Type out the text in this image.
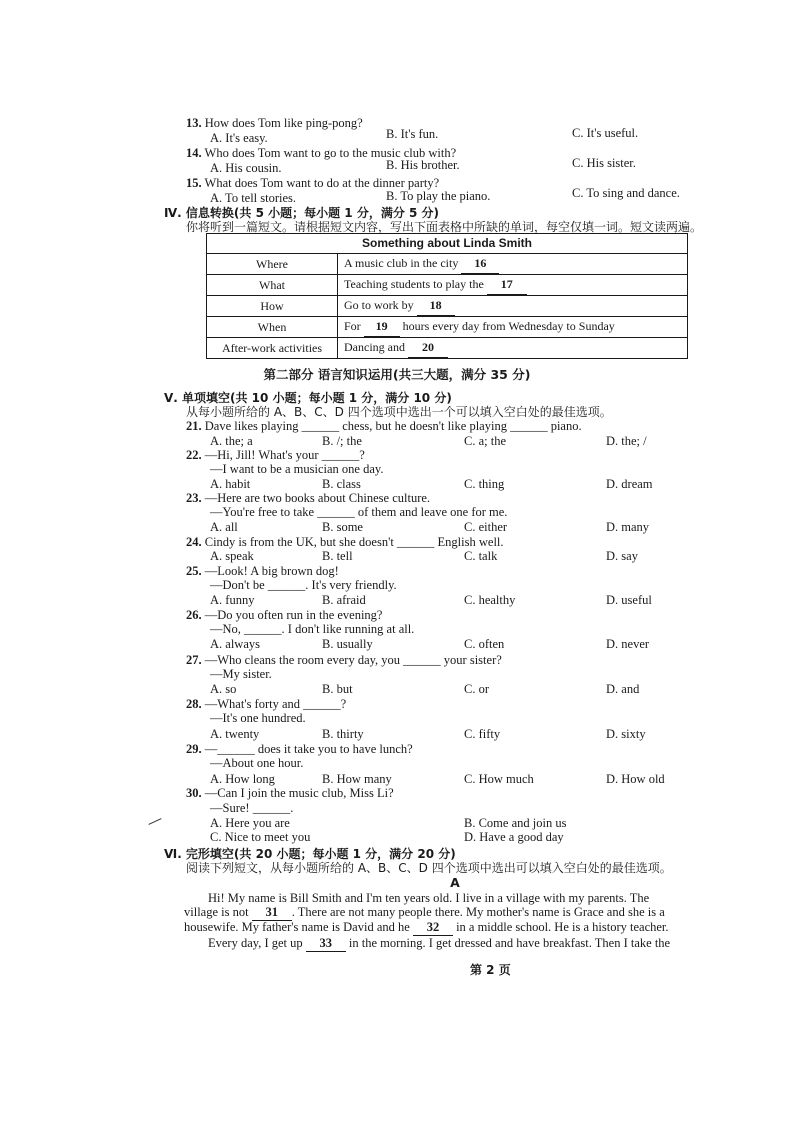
13. How does Tom like ping-pong?
A. It's easy.	B. It's fun.	C. It's useful.
14. Who does Tom want to go to the music club with?
A. His cousin.	B. His brother.	C. His sister.
15. What does Tom want to do at the dinner party?
A. To tell stories.	B. To play the piano.	C. To sing and dance.
Ⅳ. 信息转换(共 5 小题；每小题 1 分，满分 5 分)
你将听到一篇短文。请根据短文内容，写出下面表格中所缺的单词，每空仅填一词。短文读两遍。
Something about Linda Smith	
Where	A music club in the city 16
What	Teaching students to play the 17
How	Go to work by 18
When	For 19 hours every day from Wednesday to Sunday
After-work activities	Dancing and 20
第二部分 语言知识运用(共三大题，满分 35 分)
Ⅴ. 单项填空(共 10 小题；每小题 1 分，满分 10 分)
从每小题所给的 A、B、C、D 四个选项中选出一个可以填入空白处的最佳选项。
21. Dave likes playing ______ chess, but he doesn't like playing ______ piano.
A. the; a	B. /; the	C. a; the	D. the; /
22. —Hi, Jill! What's your ______?
—I want to be a musician one day.
A. habit	B. class	C. thing	D. dream
23. —Here are two books about Chinese culture.
—You're free to take ______ of them and leave one for me.
A. all	B. some	C. either	D. many
24. Cindy is from the UK, but she doesn't ______ English well.
A. speak	B. tell	C. talk	D. say
25. —Look! A big brown dog!
—Don't be ______. It's very friendly.
A. funny	B. afraid	C. healthy	D. useful
26. —Do you often run in the evening?
—No, ______. I don't like running at all.
A. always	B. usually	C. often	D. never
27. —Who cleans the room every day, you ______ your sister?
—My sister.
A. so	B. but	C. or	D. and
28. —What's forty and ______?
—It's one hundred.
A. twenty	B. thirty	C. fifty	D. sixty
29. —______ does it take you to have lunch?
—About one hour.
A. How long	B. How many	C. How much	D. How old
30. —Can I join the music club, Miss Li?
—Sure! ______.
A. Here you are	B. Come and join us
C. Nice to meet you	D. Have a good day
Ⅵ. 完形填空(共 20 小题；每小题 1 分，满分 20 分)
阅读下列短文，从每小题所给的 A、B、C、D 四个选项中选出可以填入空白处的最佳选项。
A
Hi! My name is Bill Smith and I'm ten years old. I live in a village with my parents. The
village is not 31 . There are not many people there. My mother's name is Grace and she is a
housewife. My father's name is David and he 32 in a middle school. He is a history teacher.
Every day, I get up 33 in the morning. I get dressed and have breakfast. Then I take the
第 2 页
